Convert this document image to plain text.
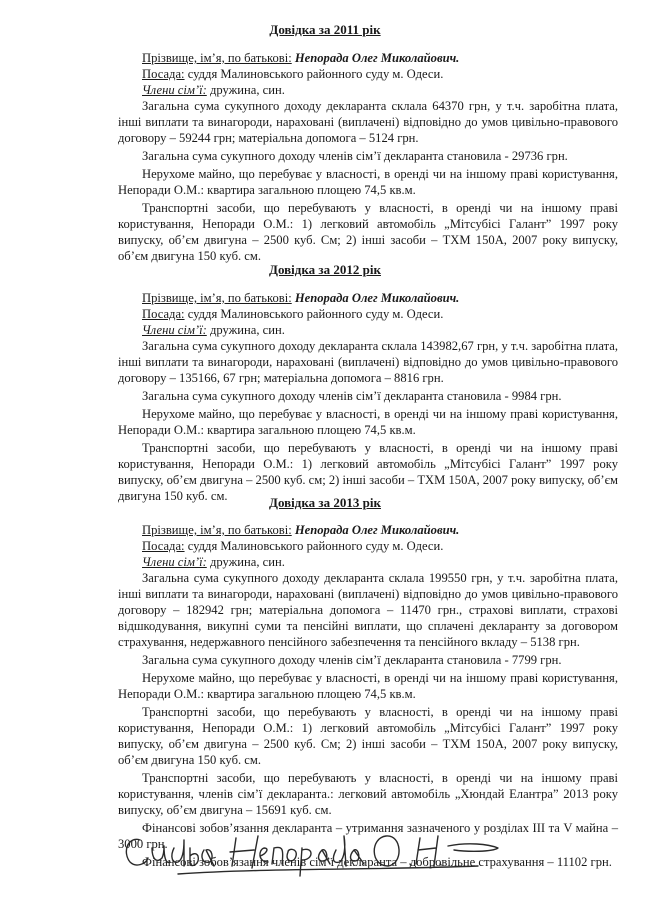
Довідка за 2011 рік

Прізвище, ім’я, по батькові: Непорада Олег Миколайович.

Посада: суддя Малиновського районного суду м. Одеси.

Члени сім’ї: дружина, син.

Загальна сума сукупного доходу декларанта склала 64370 грн, у т.ч. заробітна плата, інші виплати та винагороди, нараховані (виплачені) відповідно до умов цивільно-правового договору – 59244 грн; матеріальна допомога – 5124 грн.

Загальна сума сукупного доходу членів сім’ї декларанта становила - 29736 грн.

Нерухоме майно, що перебуває у власності, в оренді чи на іншому праві користування, Непоради О.М.: квартира загальною площею 74,5 кв.м.

Транспортні засоби, що перебувають у власності, в оренді чи на іншому праві користування, Непоради О.М.: 1) легковий автомобіль „Мітсубісі Галант” 1997 року випуску, об’єм двигуна – 2500 куб. См; 2) інші засоби – ТХМ 150А, 2007 року випуску, об’єм двигуна 150 куб. см.

Довідка за 2012 рік

Прізвище, ім’я, по батькові: Непорада Олег Миколайович.

Посада: суддя Малиновського районного суду м. Одеси.

Члени сім’ї: дружина, син.

Загальна сума сукупного доходу декларанта склала 143982,67 грн, у т.ч. заробітна плата, інші виплати та винагороди, нараховані (виплачені) відповідно до умов цивільно-правового договору – 135166, 67 грн; матеріальна допомога – 8816 грн.

Загальна сума сукупного доходу членів сім’ї декларанта становила - 9984 грн.

Нерухоме майно, що перебуває у власності, в оренді чи на іншому праві користування, Непоради О.М.: квартира загальною площею 74,5 кв.м.

Транспортні засоби, що перебувають у власності, в оренді чи на іншому праві користування, Непоради О.М.: 1) легковий автомобіль „Мітсубісі Галант” 1997 року випуску, об’єм двигуна – 2500 куб. см; 2) інші засоби – ТХМ 150А, 2007 року випуску, об’єм двигуна 150 куб. см.	Довідка за 2013 рік

Прізвище, ім’я, по батькові: Непорада Олег Миколайович.

Посада: суддя Малиновського районного суду м. Одеси.

Члени сім’ї: дружина, син.

Загальна сума сукупного доходу декларанта склала 199550 грн, у т.ч. заробітна плата, інші виплати та винагороди, нараховані (виплачені) відповідно до умов цивільно-правового договору – 182942 грн; матеріальна допомога – 11470 грн., страхові виплати, страхові відшкодування, викупні суми та пенсійні виплати, що сплачені декларанту за договором страхування, недержавного пенсійного забезпечення та пенсійного вкладу – 5138 грн.

Загальна сума сукупного доходу членів сім’ї декларанта становила - 7799 грн.

Нерухоме майно, що перебуває у власності, в оренді чи на іншому праві користування, Непоради О.М.: квартира загальною площею 74,5 кв.м.

Транспортні засоби, що перебувають у власності, в оренді чи на іншому праві користування, Непоради О.М.: 1) легковий автомобіль „Мітсубісі Галант” 1997 року випуску, об’єм двигуна – 2500 куб. См; 2) інші засоби – ТХМ 150А, 2007 року випуску, об’єм двигуна 150 куб. см.

Транспортні засоби, що перебувають у власності, в оренді чи на іншому праві користування, членів сім’ї декларанта.: легковий автомобіль „Хюндай Елантра” 2013 року випуску, об’єм двигуна – 15691 куб. см.

Фінансові зобов’язання декларанта – утримання зазначеного у розділах ІІІ та V майна – 3000 грн.

Фінансові зобов’язання членів сім’ї декларанта – добровільне страхування – 11102 грн.
